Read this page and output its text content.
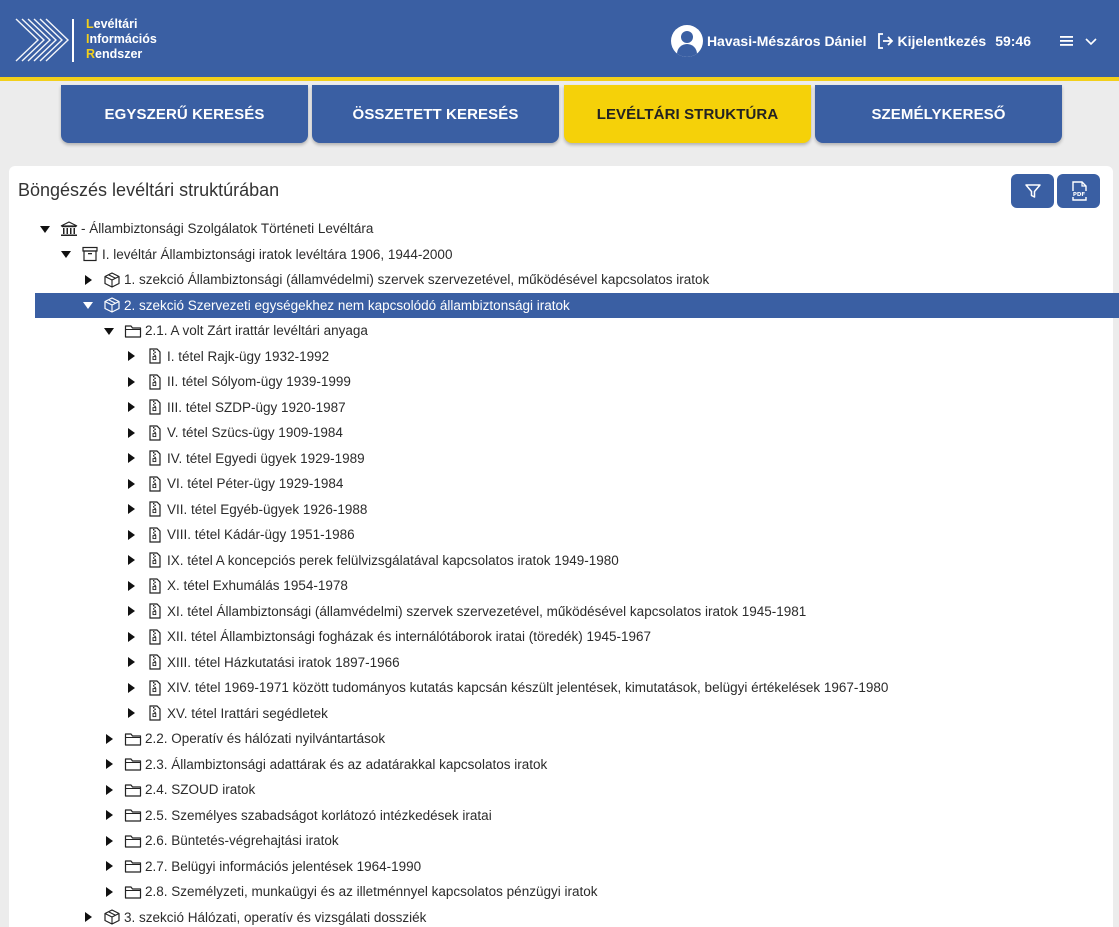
Levéltári
Információs
Rendszer
Havasi-Mészáros Dániel Kijelentkezés 59:46
EGYSZERŰ KERESÉS	ÖSSZETETT KERESÉS	LEVÉLTÁRI STRUKTÚRA	SZEMÉLYKERESŐ
Böngészés levéltári struktúrában	PDF
- Állambiztonsági Szolgálatok Történeti Levéltára
I. levéltár Állambiztonsági iratok levéltára 1906, 1944-2000
1. szekció Állambiztonsági (államvédelmi) szervek szervezetével, működésével kapcsolatos iratok
2. szekció Szervezeti egységekhez nem kapcsolódó állambiztonsági iratok
2.1. A volt Zárt irattár levéltári anyaga
I. tétel Rajk-ügy 1932-1992
II. tétel Sólyom-ügy 1939-1999
III. tétel SZDP-ügy 1920-1987
V. tétel Szücs-ügy 1909-1984
IV. tétel Egyedi ügyek 1929-1989
VI. tétel Péter-ügy 1929-1984
VII. tétel Egyéb-ügyek 1926-1988
VIII. tétel Kádár-ügy 1951-1986
IX. tétel A koncepciós perek felülvizsgálatával kapcsolatos iratok 1949-1980
X. tétel Exhumálás 1954-1978
XI. tétel Állambiztonsági (államvédelmi) szervek szervezetével, működésével kapcsolatos iratok 1945-1981
XII. tétel Állambiztonsági fogházak és internálótáborok iratai (töredék) 1945-1967
XIII. tétel Házkutatási iratok 1897-1966
XIV. tétel 1969-1971 között tudományos kutatás kapcsán készült jelentések, kimutatások, belügyi értékelések 1967-1980
XV. tétel Irattári segédletek
2.2. Operatív és hálózati nyilvántartások
2.3. Állambiztonsági adattárak és az adatárakkal kapcsolatos iratok
2.4. SZOUD iratok
2.5. Személyes szabadságot korlátozó intézkedések iratai
2.6. Büntetés-végrehajtási iratok
2.7. Belügyi információs jelentések 1964-1990
2.8. Személyzeti, munkaügyi és az illetménnyel kapcsolatos pénzügyi iratok
3. szekció Hálózati, operatív és vizsgálati dossziék
